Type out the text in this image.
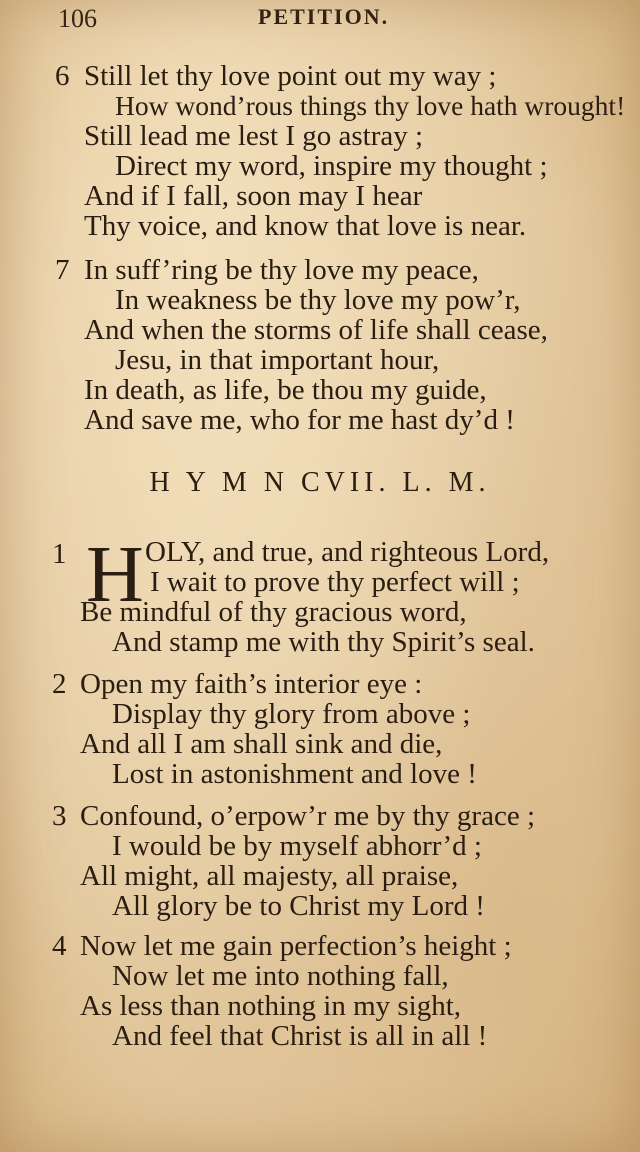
106	PETITION.
6 Still let thy love point out my way ;
How wond’rous things thy love hath wrought!
Still lead me lest I go astray ;
Direct my word, inspire my thought ;
And if I fall, soon may I hear
Thy voice, and know that love is near.
7 In suff’ring be thy love my peace,
In weakness be thy love my pow’r,
And when the storms of life shall cease,
Jesu, in that important hour,
In death, as life, be thou my guide,
And save me, who for me hast dy’d !
H Y M N CVII. L. M.
1 H OLY, and true, and righteous Lord,
I wait to prove thy perfect will ;
Be mindful of thy gracious word,
And stamp me with thy Spirit’s seal.
2 Open my faith’s interior eye :
Display thy glory from above ;
And all I am shall sink and die,
Lost in astonishment and love !
3 Confound, o’erpow’r me by thy grace ;
I would be by myself abhorr’d ;
All might, all majesty, all praise,
All glory be to Christ my Lord !
4 Now let me gain perfection’s height ;
Now let me into nothing fall,
As less than nothing in my sight,
And feel that Christ is all in all !
